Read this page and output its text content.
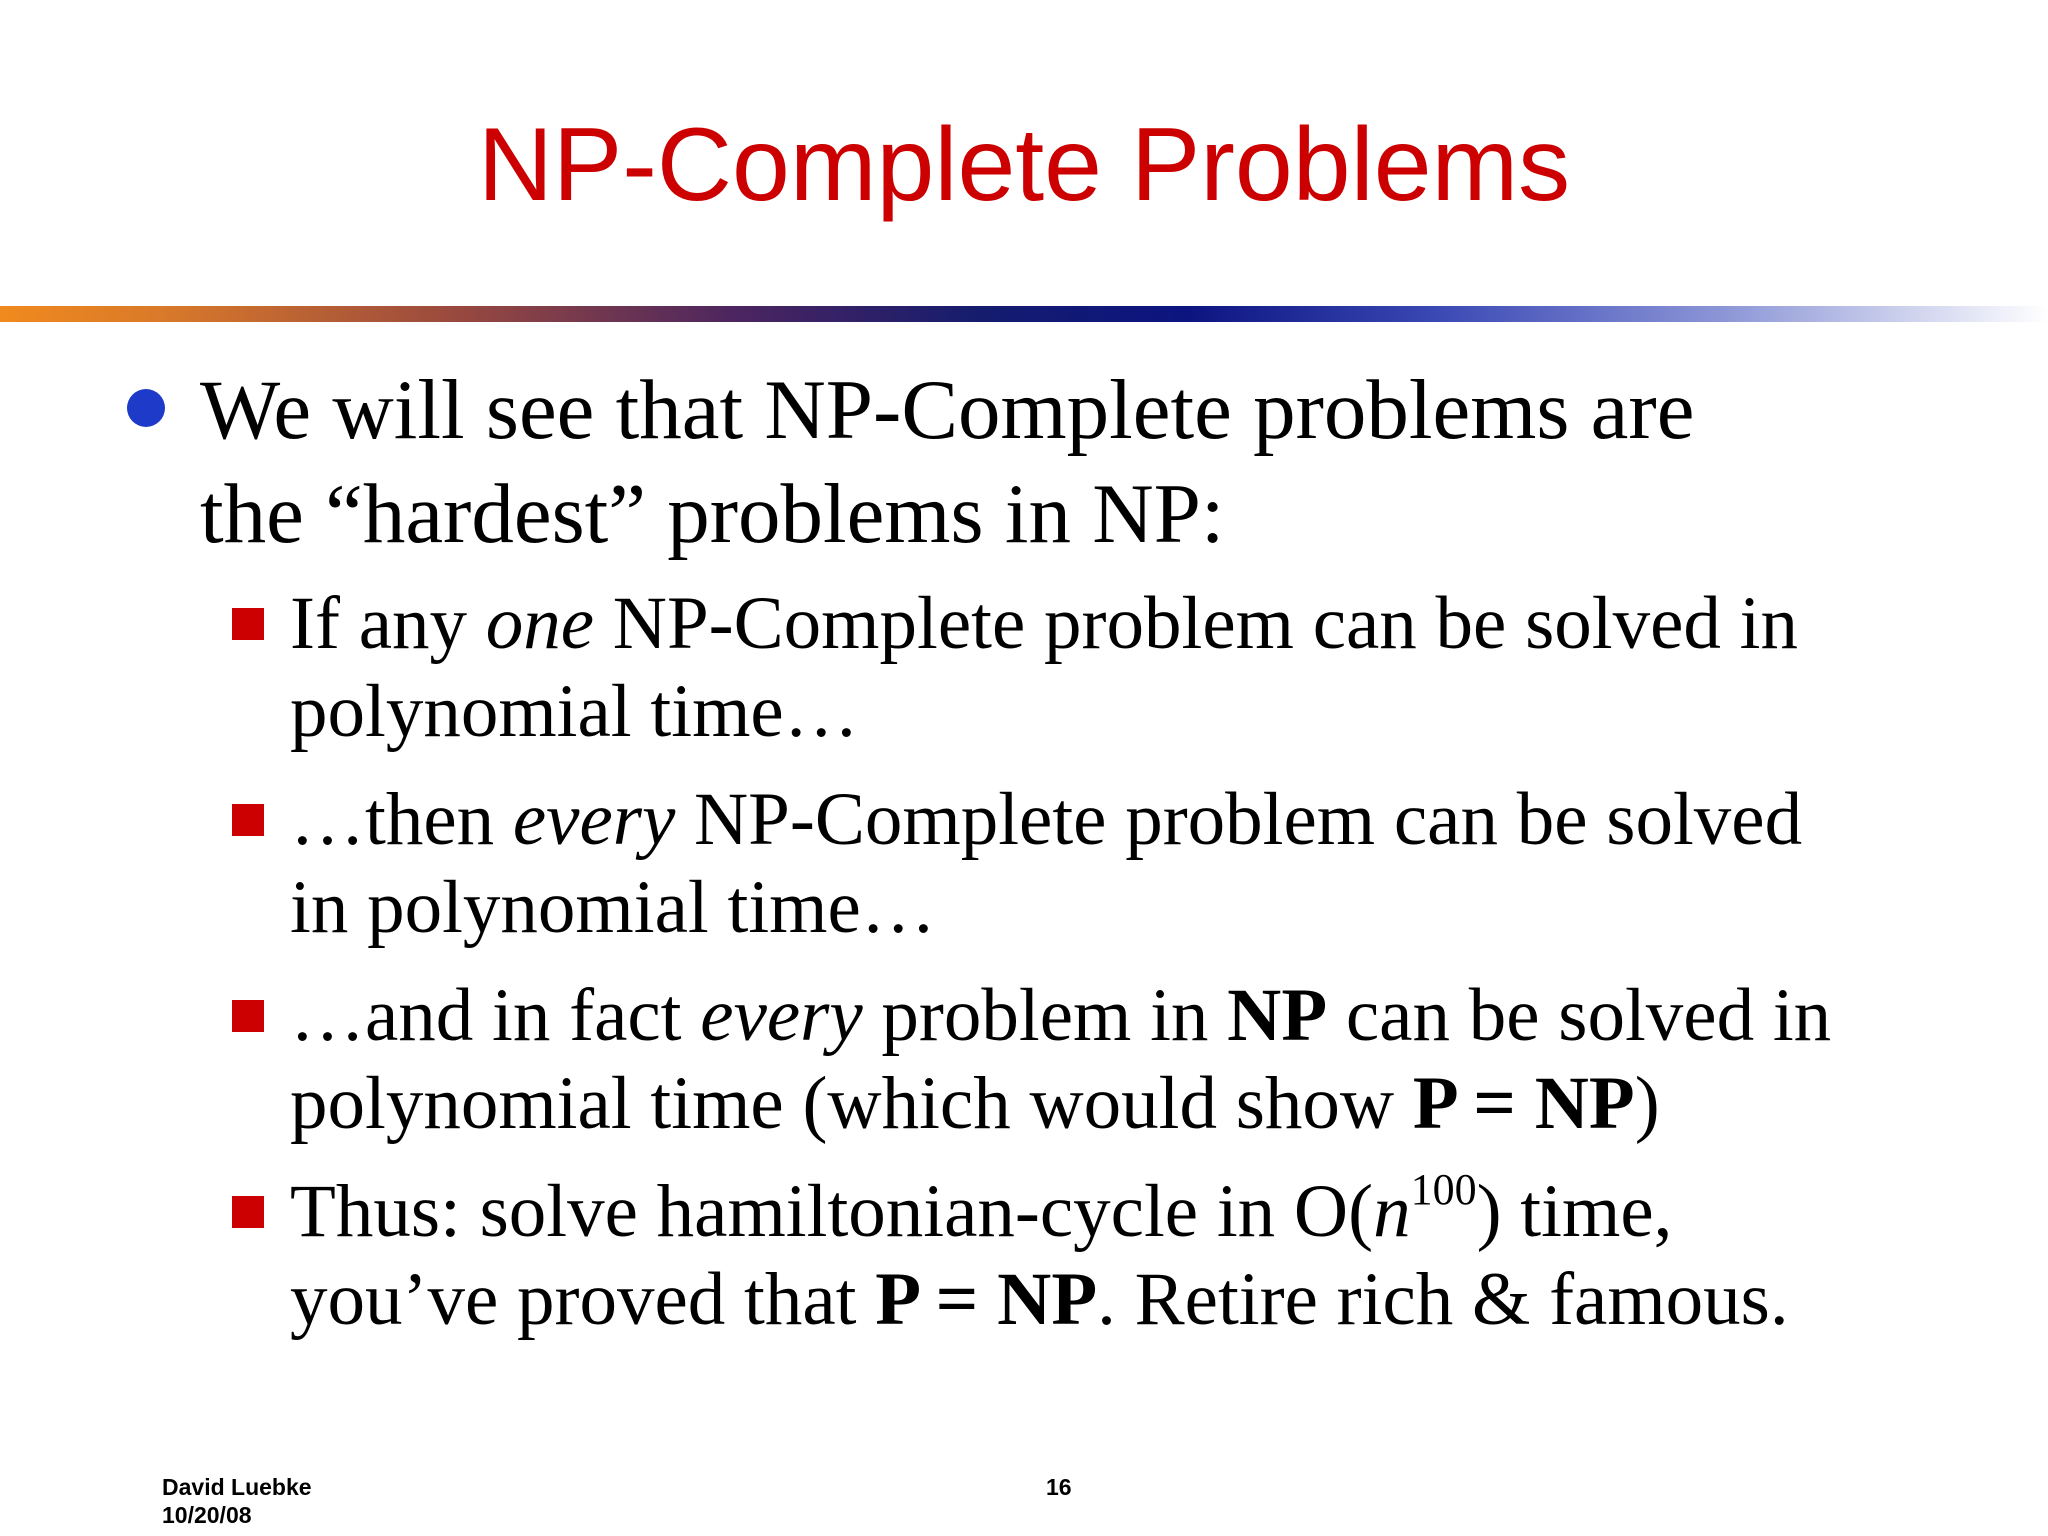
NP-Complete Problems
We will see that NP-Complete problems are
the “hardest” problems in NP:
If any one NP-Complete problem can be solved in
polynomial time…
…then every NP-Complete problem can be solved
in polynomial time…
…and in fact every problem in NP can be solved in
polynomial time (which would show P = NP)
Thus: solve hamiltonian-cycle in $O(n^{100})$ time,
you’ve proved that P = NP. Retire rich & famous.
David Luebke
10/20/08
16
